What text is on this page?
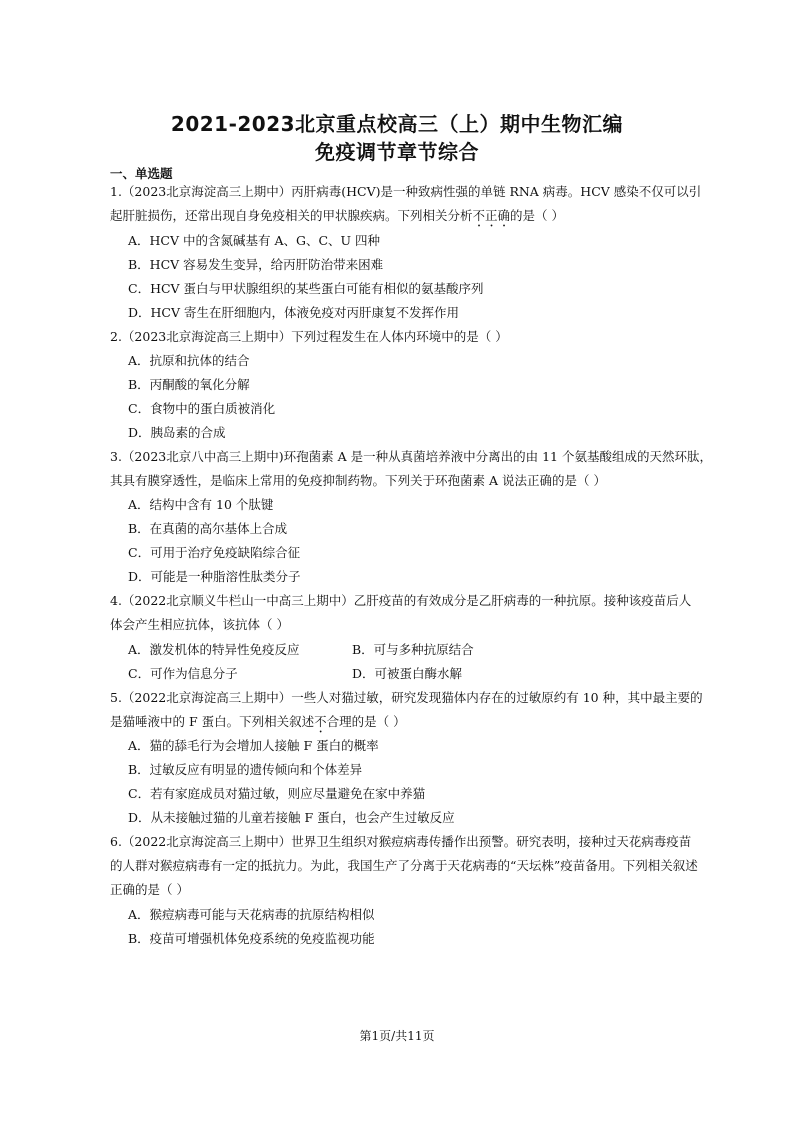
2021-2023北京重点校高三（上）期中生物汇编
免疫调节章节综合
一、单选题
1.（2023北京海淀高三上期中）丙肝病毒(HCV)是一种致病性强的单链 RNA 病毒。HCV 感染不仅可以引
起肝脏损伤，还常出现自身免疫相关的甲状腺疾病。下列相关分析不正确的是（ ）
A．HCV 中的含氮碱基有 A、G、C、U 四种
B．HCV 容易发生变异，给丙肝防治带来困难
C．HCV 蛋白与甲状腺组织的某些蛋白可能有相似的氨基酸序列
D．HCV 寄生在肝细胞内，体液免疫对丙肝康复不发挥作用
2.（2023北京海淀高三上期中）下列过程发生在人体内环境中的是（ ）
A．抗原和抗体的结合
B．丙酮酸的氧化分解
C．食物中的蛋白质被消化
D．胰岛素的合成
3.（2023北京八中高三上期中)环孢菌素 A 是一种从真菌培养液中分离出的由 11 个氨基酸组成的天然环肽，
其具有膜穿透性，是临床上常用的免疫抑制药物。下列关于环孢菌素 A 说法正确的是（ ）
A．结构中含有 10 个肽键
B．在真菌的高尔基体上合成
C．可用于治疗免疫缺陷综合征
D．可能是一种脂溶性肽类分子
4.（2022北京顺义牛栏山一中高三上期中）乙肝疫苗的有效成分是乙肝病毒的一种抗原。接种该疫苗后人
体会产生相应抗体，该抗体（ ）
A．激发机体的特异性免疫反应	B．可与多种抗原结合
C．可作为信息分子	D．可被蛋白酶水解
5.（2022北京海淀高三上期中）一些人对猫过敏，研究发现猫体内存在的过敏原约有 10 种，其中最主要的
是猫唾液中的 F 蛋白。下列相关叙述不合理的是（ ）
A．猫的舔毛行为会增加人接触 F 蛋白的概率
B．过敏反应有明显的遗传倾向和个体差异
C．若有家庭成员对猫过敏，则应尽量避免在家中养猫
D．从未接触过猫的儿童若接触 F 蛋白，也会产生过敏反应
6.（2022北京海淀高三上期中）世界卫生组织对猴痘病毒传播作出预警。研究表明，接种过天花病毒疫苗
的人群对猴痘病毒有一定的抵抗力。为此，我国生产了分离于天花病毒的“天坛株”疫苗备用。下列相关叙述
正确的是（ ）
A．猴痘病毒可能与天花病毒的抗原结构相似
B．疫苗可增强机体免疫系统的免疫监视功能
第1页/共11页
